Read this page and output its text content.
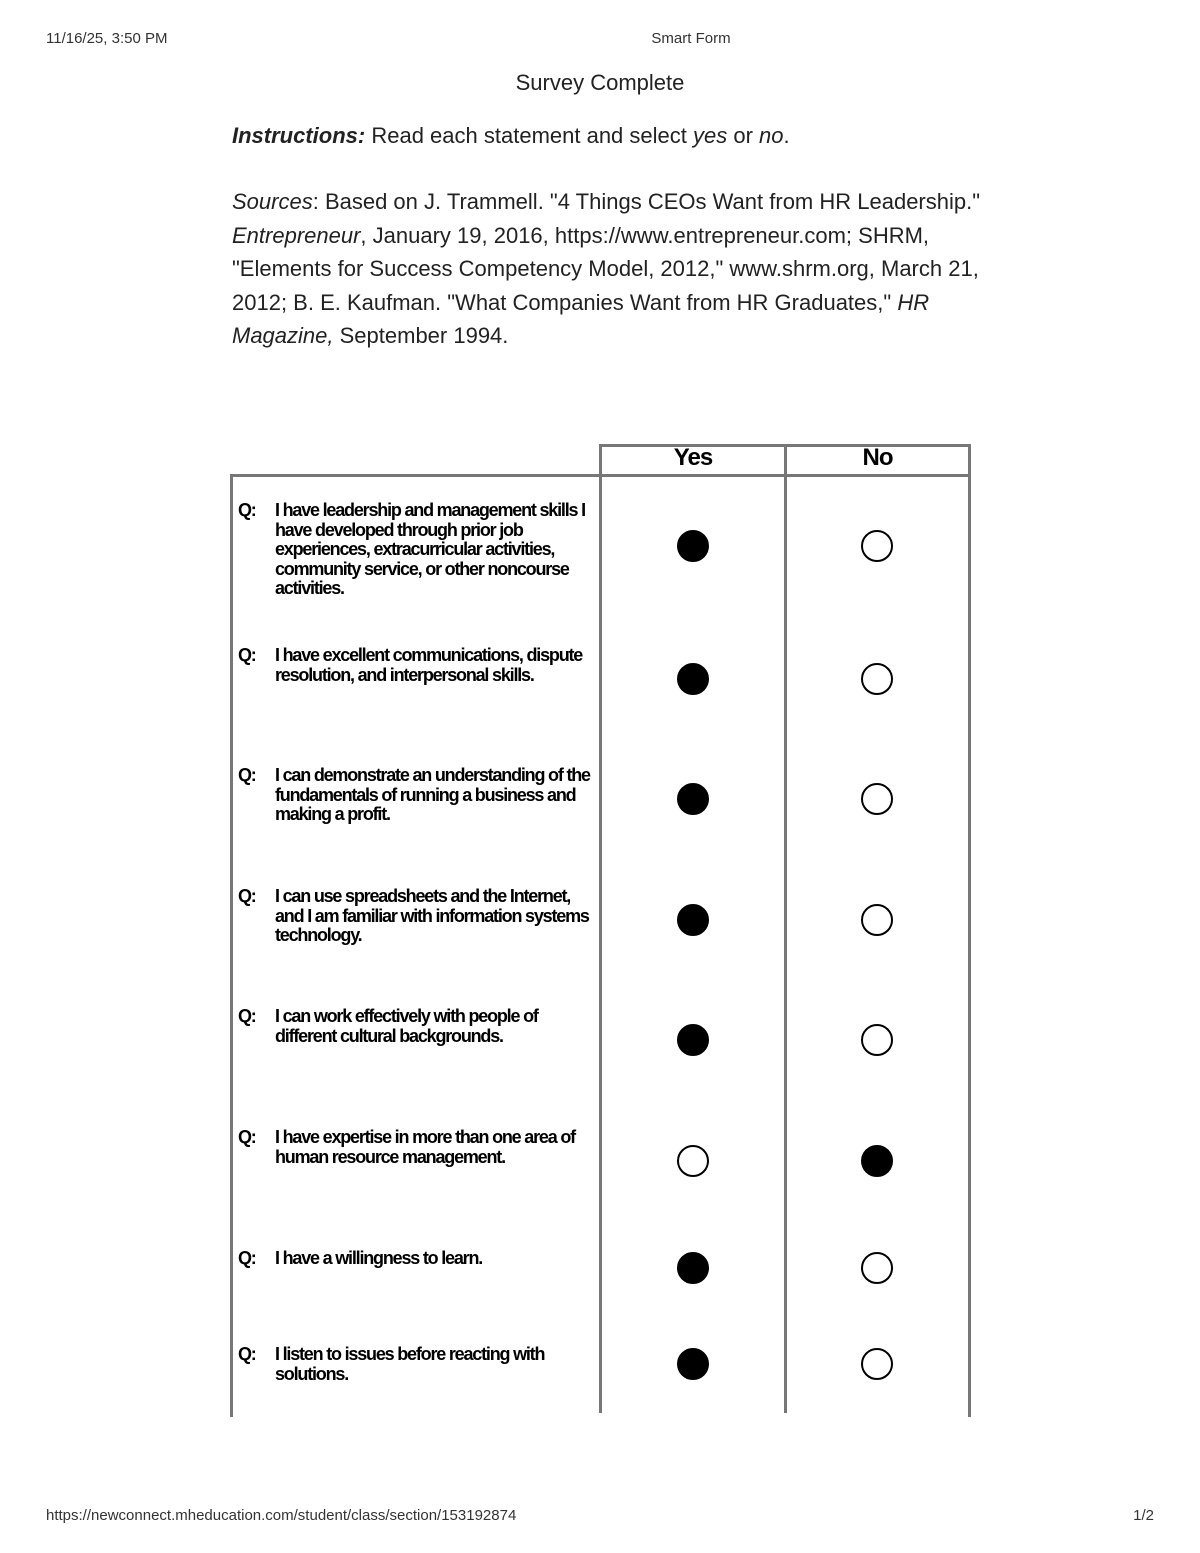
11/16/25, 3:50 PM	Smart Form
Survey Complete
Instructions: Read each statement and select yes or no.
Sources: Based on J. Trammell. "4 Things CEOs Want from HR Leadership." Entrepreneur, January 19, 2016, https://www.entrepreneur.com; SHRM, "Elements for Success Competency Model, 2012," www.shrm.org, March 21, 2012; B. E. Kaufman. "What Companies Want from HR Graduates," HR Magazine, September 1994.
Yes	No
Q: I have leadership and management skills I have developed through prior job experiences, extracurricular activities, community service, or other noncourse activities.
Q: I have excellent communications, dispute resolution, and interpersonal skills.
Q: I can demonstrate an understanding of the fundamentals of running a business and making a profit.
Q: I can use spreadsheets and the Internet, and I am familiar with information systems technology.
Q: I can work effectively with people of different cultural backgrounds.
Q: I have expertise in more than one area of human resource management.
Q: I have a willingness to learn.
Q: I listen to issues before reacting with solutions.
https://newconnect.mheducation.com/student/class/section/153192874	1/2
